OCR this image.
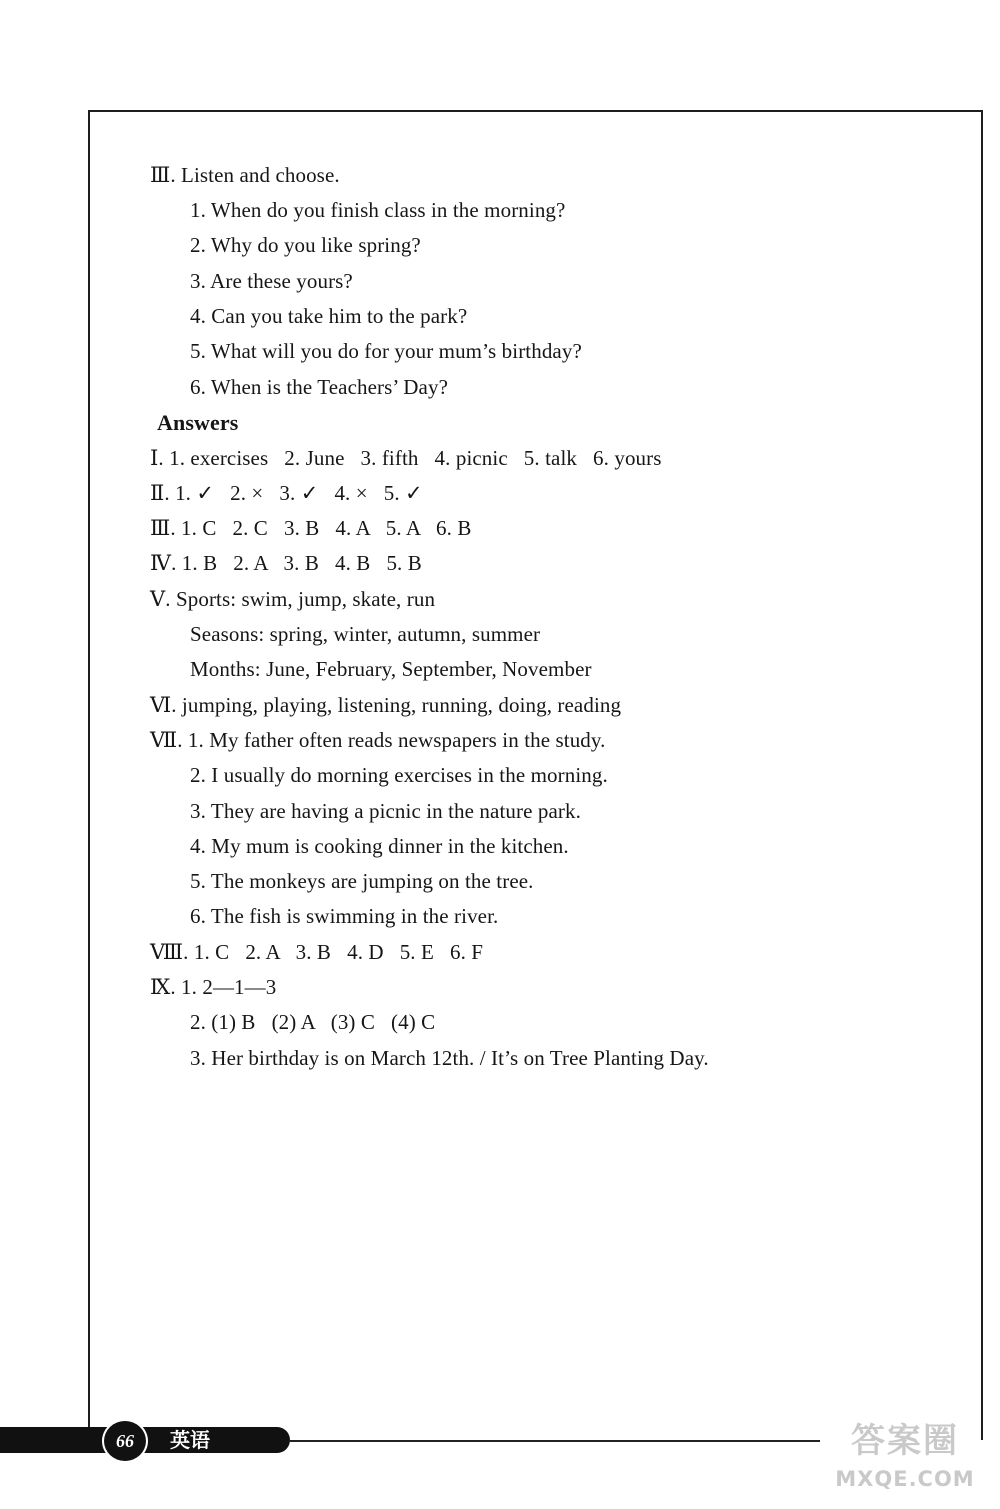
Ⅲ. Listen and choose.
1. When do you finish class in the morning?
2. Why do you like spring?
3. Are these yours?
4. Can you take him to the park?
5. What will you do for your mum’s birthday?
6. When is the Teachers’ Day?
Answers
Ⅰ. 1. exercises   2. June   3. fifth   4. picnic   5. talk   6. yours
Ⅱ. 1. ✓   2. ×   3. ✓   4. ×   5. ✓
Ⅲ. 1. C   2. C   3. B   4. A   5. A   6. B
Ⅳ. 1. B   2. A   3. B   4. B   5. B
Ⅴ. Sports: swim, jump, skate, run
Seasons: spring, winter, autumn, summer
Months: June, February, September, November
Ⅵ. jumping, playing, listening, running, doing, reading
Ⅶ. 1. My father often reads newspapers in the study.
2. I usually do morning exercises in the morning.
3. They are having a picnic in the nature park.
4. My mum is cooking dinner in the kitchen.
5. The monkeys are jumping on the tree.
6. The fish is swimming in the river.
Ⅷ. 1. C   2. A   3. B   4. D   5. E   6. F
Ⅸ. 1. 2—1—3
2. (1) B   (2) A   (3) C   (4) C
3. Her birthday is on March 12th. / It’s on Tree Planting Day.
66	英语	答案圈
MXQE.COM
